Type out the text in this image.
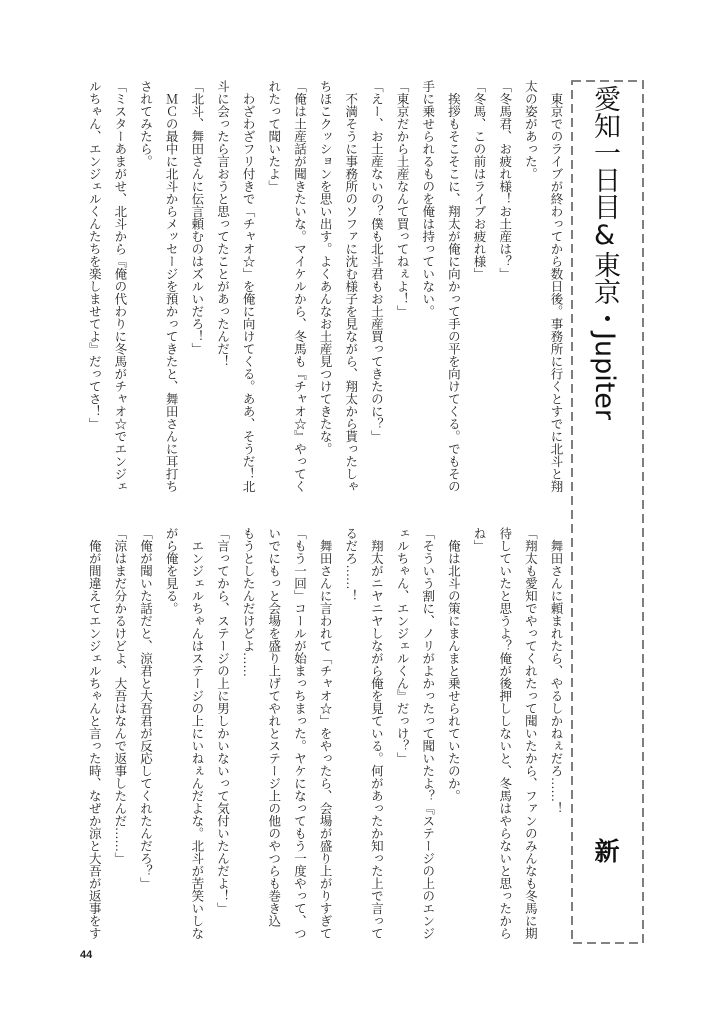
愛知一日目&東京・Jupiter
新
　東京でのライブが終わってから数日後。事務所に行くとすでに北斗と翔
太の姿があった。
「冬馬君、お疲れ様！お土産は？」
「冬馬、この前はライブお疲れ様」
　挨拶もそこそこに、翔太が俺に向かって手の平を向けてくる。でもその
手に乗せられるものを俺は持っていない。
「東京だから土産なんて買ってねぇよ！」
「えー、お土産ないの？僕も北斗君もお土産買ってきたのに？」
　不満そうに事務所のソファに沈む様子を見ながら、翔太から貰ったしゃ
ちほこクッションを思い出す。よくあんなお土産見つけてきたな。
「俺は土産話が聞きたいな。マイケルから、冬馬も『チャオ☆』やってく
れたって聞いたよ」
　わざわざフリ付きで「チャオ☆」を俺に向けてくる。ああ、そうだ！北
斗に会ったら言おうと思ってたことがあったんだ！
「北斗、舞田さんに伝言頼むのはズルいだろ！」
　ＭＣの最中に北斗からメッセージを預かってきたと、舞田さんに耳打ち
されてみたら。
「ミスターあまがせ、北斗から『俺の代わりに冬馬がチャオ☆でエンジェ
ルちゃん、エンジェルくんたちを楽しませてよ』だってさ！」
　舞田さんに頼まれたら、やるしかねぇだろ……！
「翔太も愛知でやってくれたって聞いたから、ファンのみんなも冬馬に期
待していたと思うよ？俺が後押ししないと、冬馬はやらないと思ったから
ね」
　俺は北斗の策にまんまと乗せられていたのか。
「そういう割に、ノリがよかったって聞いたよ？『ステージの上のエンジ
ェルちゃん、エンジェルくん』だっけ？」
　翔太がニヤニヤしながら俺を見ている。何があったか知った上で言って
るだろ……！
　舞田さんに言われて「チャオ☆」をやったら、会場が盛り上がりすぎて
「もう一回」コールが始まっちまった。ヤケになってもう一度やって、つ
いでにもっと会場を盛り上げてやれとステージ上の他のやつらも巻き込
もうとしたんだけどよ……
「言ってから、ステージの上に男しかいないって気付いたんだよ！」
　エンジェルちゃんはステージの上にいねぇんだよな。北斗が苦笑いしな
がら俺を見る。
「俺が聞いた話だと、涼君と大吾君が反応してくれたんだろ？」
「涼はまだ分かるけどよ、大吾はなんで返事したんだ……」
　俺が間違えてエンジェルちゃんと言った時、なぜか涼と大吾が返事をす
44
